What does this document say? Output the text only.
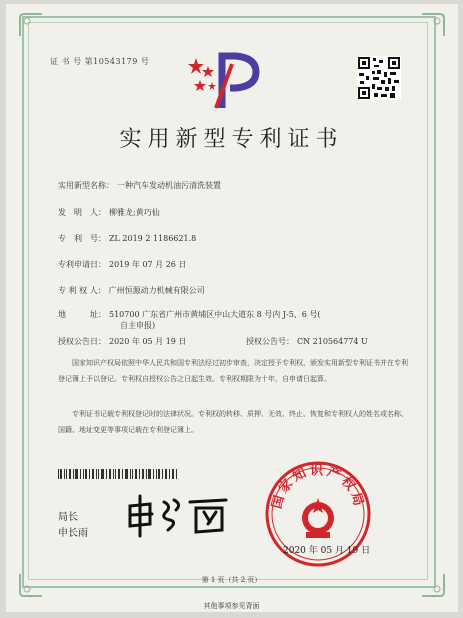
证 书 号 第10543179 号
实用新型专利证书
实用新型名称： 一种汽车发动机油污清洗装置
发　明　人： 柳雅龙;黄巧仙
专　利　号： ZL 2019 2 1186621.8
专利申请日： 2019 年 07 月 26 日
专 利 权 人： 广州恒源动力机械有限公司
地　　　址： 510700 广东省广州市黄埔区中山大道东 8 号内 J-5、6 号(
自主申报)
授权公告日： 2020 年 05 月 19 日	授权公告号： CN 210564774 U
国家知识产权局依照中华人民共和国专利法经过初步审查，决定授予专利权，颁发实用新型专利证书并在专利登记簿上予以登记。专利权自授权公告之日起生效。专利权期限为十年，自申请日起算。
专利证书记载专利权登记时的法律状况。专利权的转移、质押、无效、终止、恢复和专利权人的姓名或名称、国籍、地址变更等事项记载在专利登记簿上。
局长
申长雨
国家知识产权局
2020 年 05 月 19 日
第 1 页（共 2 页）
其他事项参见背面
